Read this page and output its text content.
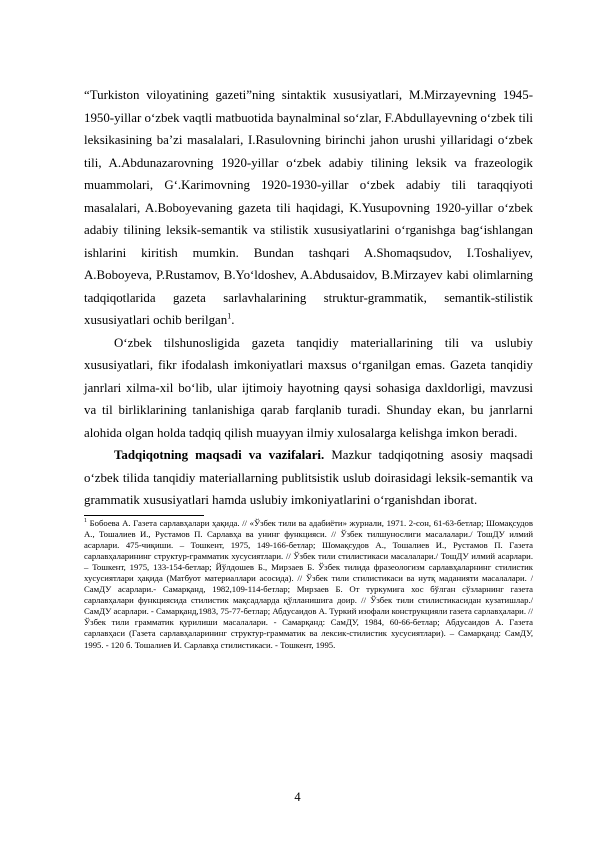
“Turkiston viloyatining gazeti”ning sintaktik xususiyatlari, M.Mirzayevning 1945-1950-yillar o‘zbek vaqtli matbuotida baynalminal so‘zlar, F.Abdullayevning o‘zbek tili leksikasining ba’zi masalalari, I.Rasulovning birinchi jahon urushi yillaridagi o‘zbek tili, A.Abdunazarovning 1920-yillar o‘zbek adabiy tilining leksik va frazeologik muammolari, G‘.Karimovning 1920-1930-yillar o‘zbek adabiy tili taraqqiyoti masalalari, A.Boboyevaning gazeta tili haqidagi, K.Yusupovning 1920-yillar o‘zbek adabiy tilining leksik-semantik va stilistik xususiyatlarini o‘rganishga bag‘ishlangan ishlarini kiritish mumkin. Bundan tashqari A.Shomaqsudov, I.Toshaliyev, A.Boboyeva, P.Rustamov, B.Yo‘ldoshev, A.Abdusaidov, B.Mirzayev kabi olimlarning tadqiqotlarida gazeta sarlavhalarining struktur-grammatik, semantik-stilistik xususiyatlari ochib berilgan$^1$.

O‘zbek tilshunosligida gazeta tanqidiy materiallarining tili va uslubiy xususiyatlari, fikr ifodalash imkoniyatlari maxsus o‘rganilgan emas. Gazeta tanqidiy janrlari xilma-xil bo‘lib, ular ijtimoiy hayotning qaysi sohasiga daxldorligi, mavzusi va til birliklarining tanlanishiga qarab farqlanib turadi. Shunday ekan, bu janrlarni alohida olgan holda tadqiq qilish muayyan ilmiy xulosalarga kelishga imkon beradi.

Tadqiqotning maqsadi va vazifalari. Mazkur tadqiqotning asosiy maqsadi o‘zbek tilida tanqidiy materiallarning publitsistik uslub doirasidagi leksik-semantik va grammatik xususiyatlari hamda uslubiy imkoniyatlarini o‘rganishdan iborat.

$^1$ Бобоева А. Газета сарлавҳалари ҳақида. // «Ўзбек тили ва адабиёти» журнали, 1971. 2-сон, 61-63-бетлар; Шомақсудов А., Тошалиев И., Рустамов П. Сарлавҳа ва унинг функцияси. // Ўзбек тилшунослиги масалалари./ ТошДУ илмий асарлари. 475-чиқиши. – Тошкент, 1975, 149-166-бетлар; Шомақсудов А., Тошалиев И., Рустамов П. Газета сарлавҳаларининг структур-грамматик хусусиятлари. // Ўзбек тили стилистикаси масалалари./ ТошДУ илмий асарлари. – Тошкент, 1975, 133-154-бетлар; Йўлдошев Б., Мирзаев Б. Ўзбек тилида фразеологизм сарлавҳаларнинг стилистик хусусиятлари ҳақида (Матбуот материаллари асосида). // Ўзбек тили стилистикаси ва нутқ маданияти масалалари. / СамДУ асарлари.- Самарқанд, 1982,109-114-бетлар; Мирзаев Б. От туркумига хос бўлган сўзларнинг газета сарлавҳалари функциясида стилистик мақсадларда қўлланишига доир. // Ўзбек тили стилистикасидан кузатишлар./ СамДУ асарлари. - Самарқанд,1983, 75-77-бетлар; Абдусаидов А. Туркий изофали конструкцияли газета сарлавҳалари. // Ўзбек тили грамматик қурилиши масалалари. - Самарқанд: СамДУ, 1984, 60-66-бетлар; Абдусаидов А. Газета сарлавҳаси (Газета сарлавҳаларининг структур-грамматик ва лексик-стилистик хусусиятлари). – Самарқанд: СамДУ, 1995. - 120 б. Тошалиев И. Сарлавҳа стилистикаси. - Тошкент, 1995.

4
